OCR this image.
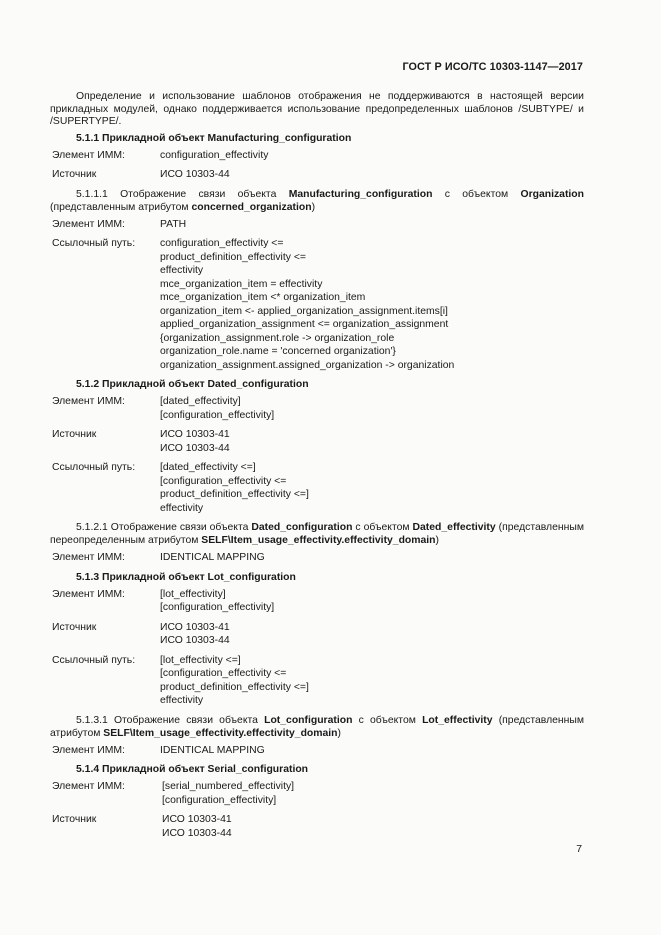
ГОСТ Р ИСО/ТС 10303-1147—2017

Определение и использование шаблонов отображения не поддерживаются в настоящей версии прикладных модулей, однако поддерживается использование предопределенных шаблонов /SUBTYPE/ и /SUPERTYPE/.

5.1.1 Прикладной объект Manufacturing_configuration
Элемент ИММ:	configuration_effectivity
Источник	ИСО 10303-44

5.1.1.1 Отображение связи объекта Manufacturing_configuration с объектом Organization (представленным атрибутом concerned_organization)

Элемент ИММ:	PATH
Ссылочный путь:	configuration_effectivity <=
product_definition_effectivity <=
effectivity
mce_organization_item = effectivity
mce_organization_item <* organization_item
organization_item <- applied_organization_assignment.items[i]
applied_organization_assignment <= organization_assignment
{organization_assignment.role -> organization_role
organization_role.name = 'concerned organization'}
organization_assignment.assigned_organization -> organization
5.1.2 Прикладной объект Dated_configuration
Элемент ИММ:	[dated_effectivity]
[configuration_effectivity]
Источник	ИСО 10303-41
ИСО 10303-44
Ссылочный путь:	[dated_effectivity <=]
[configuration_effectivity <=
product_definition_effectivity <=]
effectivity

5.1.2.1 Отображение связи объекта Dated_configuration с объектом Dated_effectivity (представленным переопределенным атрибутом SELF\Item_usage_effectivity.effectivity_domain)

Элемент ИММ:	IDENTICAL MAPPING
5.1.3 Прикладной объект Lot_configuration
Элемент ИММ:	[lot_effectivity]
[configuration_effectivity]
Источник	ИСО 10303-41
ИСО 10303-44
Ссылочный путь:	[lot_effectivity <=]
[configuration_effectivity <=
product_definition_effectivity <=]
effectivity

5.1.3.1 Отображение связи объекта Lot_configuration с объектом Lot_effectivity (представленным атрибутом SELF\Item_usage_effectivity.effectivity_domain)

Элемент ИММ:	IDENTICAL MAPPING
5.1.4 Прикладной объект Serial_configuration
Элемент ИММ:	[serial_numbered_effectivity]
[configuration_effectivity]
Источник	ИСО 10303-41
ИСО 10303-44
7
